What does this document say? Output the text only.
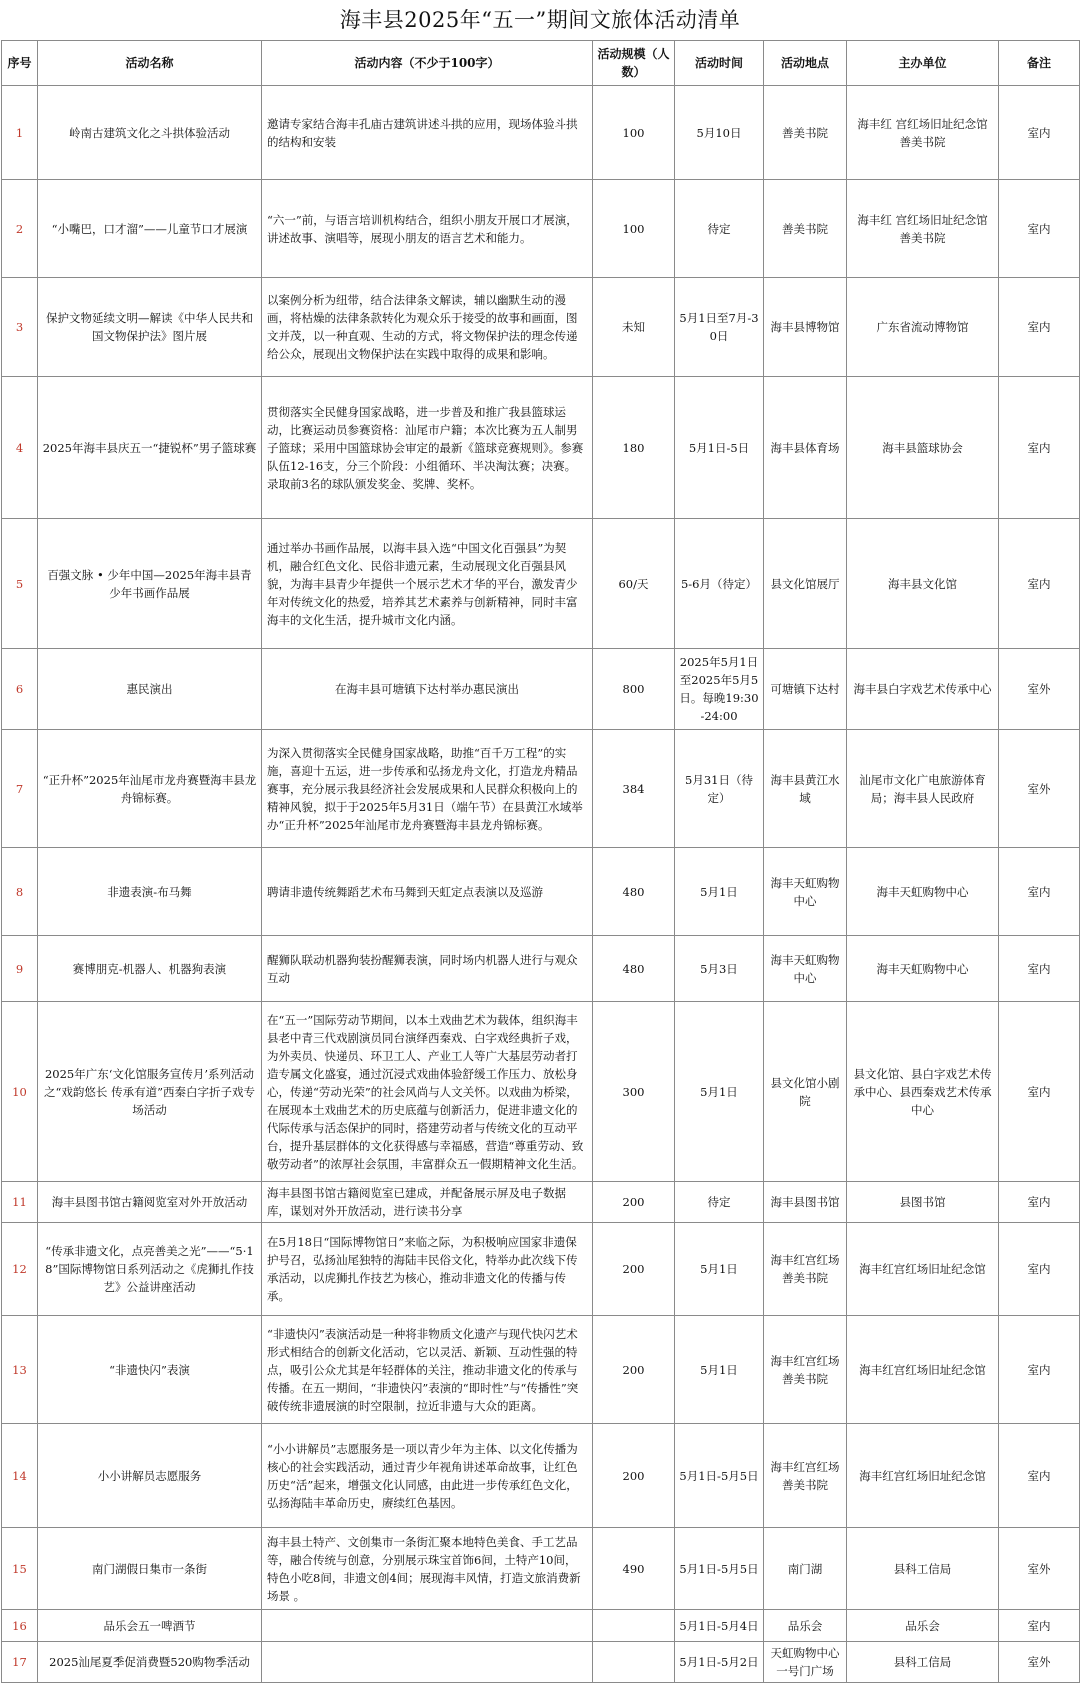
海丰县2025年“五一”期间文旅体活动清单
序号	活动名称	活动内容（不少于100字）	活动规模（人数）	活动时间	活动地点	主办单位	备注
1	岭南古建筑文化之斗拱体验活动	邀请专家结合海丰孔庙古建筑讲述斗拱的应用，现场体验斗拱的结构和安装	100	5月10日	善美书院	海丰红 宫红场旧址纪念馆 善美书院	室内
2	“小嘴巴，口才溜”——儿童节口才展演	“六一”前，与语言培训机构结合，组织小朋友开展口才展演，讲述故事、演唱等，展现小朋友的语言艺术和能力。	100	待定	善美书院	海丰红 宫红场旧址纪念馆 善美书院	室内
3	保护文物延续文明—解读《中华人民共和国文物保护法》图片展	以案例分析为纽带，结合法律条文解读，辅以幽默生动的漫画，将枯燥的法律条款转化为观众乐于接受的故事和画面，图文并茂，以一种直观、生动的方式，将文物保护法的理念传递给公众，展现出文物保护法在实践中取得的成果和影响。	未知	5月1日至7月-30日	海丰县博物馆	广东省流动博物馆	室内
4	2025年海丰县庆五一“捷锐杯”男子篮球赛	贯彻落实全民健身国家战略，进一步普及和推广我县篮球运动，比赛运动员参赛资格：汕尾市户籍；本次比赛为五人制男子篮球；采用中国篮球协会审定的最新《篮球竞赛规则》。参赛队伍12-16支，分三个阶段：小组循环、半决淘汰赛；决赛。录取前3名的球队颁发奖金、奖牌、奖杯。	180	5月1日-5日	海丰县体育场	海丰县篮球协会	室内
5	百强文脉 • 少年中国—2025年海丰县青少年书画作品展	通过举办书画作品展，以海丰县入选“中国文化百强县”为契机，融合红色文化、民俗非遗元素，生动展现文化百强县风貌，为海丰县青少年提供一个展示艺术才华的平台，激发青少年对传统文化的热爱，培养其艺术素养与创新精神，同时丰富海丰的文化生活，提升城市文化内涵。	60/天	5-6月（待定）	县文化馆展厅	海丰县文化馆	室内
6	惠民演出	在海丰县可塘镇下达村举办惠民演出	800	2025年5月1日至2025年5月5日。每晚19:30-24:00	可塘镇下达村	海丰县白字戏艺术传承中心	室外
7	“正升杯”2025年汕尾市龙舟赛暨海丰县龙舟锦标赛。	为深入贯彻落实全民健身国家战略，助推“百千万工程”的实施，喜迎十五运，进一步传承和弘扬龙舟文化，打造龙舟精品赛事，充分展示我县经济社会发展成果和人民群众积极向上的精神风貌，拟于于2025年5月31日（端午节）在县黄江水域举办“正升杯”2025年汕尾市龙舟赛暨海丰县龙舟锦标赛。	384	5月31日（待定）	海丰县黄江水域	汕尾市文化广电旅游体育局；海丰县人民政府	室外
8	非遗表演-布马舞	聘请非遗传统舞蹈艺术布马舞到天虹定点表演以及巡游	480	5月1日	海丰天虹购物中心	海丰天虹购物中心	室内
9	赛博朋克-机器人、机器狗表演	醒狮队联动机器狗装扮醒狮表演，同时场内机器人进行与观众互动	480	5月3日	海丰天虹购物中心	海丰天虹购物中心	室内
10	2025年广东‘文化馆服务宣传月’系列活动之“戏韵悠长 传承有道”西秦白字折子戏专场活动	在“五一”国际劳动节期间，以本土戏曲艺术为载体，组织海丰县老中青三代戏剧演员同台演绎西秦戏、白字戏经典折子戏，为外卖员、快递员、环卫工人、产业工人等广大基层劳动者打造专属文化盛宴，通过沉浸式戏曲体验舒缓工作压力、放松身心，传递“劳动光荣”的社会风尚与人文关怀。以戏曲为桥梁，在展现本土戏曲艺术的历史底蕴与创新活力，促进非遗文化的代际传承与活态保护的同时，搭建劳动者与传统文化的互动平台，提升基层群体的文化获得感与幸福感，营造“尊重劳动、致敬劳动者”的浓厚社会氛围，丰富群众五一假期精神文化生活。	300	5月1日	县文化馆小剧院	县文化馆、县白字戏艺术传承中心、县西秦戏艺术传承中心	室内
11	海丰县图书馆古籍阅览室对外开放活动	海丰县图书馆古籍阅览室已建成，并配备展示屏及电子数据库，谋划对外开放活动，进行读书分享	200	待定	海丰县图书馆	县图书馆	室内
12	“传承非遗文化，点亮善美之光”——“5·18”国际博物馆日系列活动之《虎狮扎作技艺》公益讲座活动	在5月18日“国际博物馆日”来临之际，为积极响应国家非遗保护号召，弘扬汕尾独特的海陆丰民俗文化，特举办此次线下传承活动，以虎狮扎作技艺为核心，推动非遗文化的传播与传承。	200	5月1日	海丰红宫红场善美书院	海丰红宫红场旧址纪念馆	室内
13	“非遗快闪”表演	“非遗快闪”表演活动是一种将非物质文化遗产与现代快闪艺术形式相结合的创新文化活动，它以灵活、新颖、互动性强的特点，吸引公众尤其是年轻群体的关注，推动非遗文化的传承与传播。在五一期间，“非遗快闪”表演的“即时性”与“传播性”突破传统非遗展演的时空限制，拉近非遗与大众的距离。	200	5月1日	海丰红宫红场善美书院	海丰红宫红场旧址纪念馆	室内
14	小小讲解员志愿服务	“小小讲解员”志愿服务是一项以青少年为主体、以文化传播为核心的社会实践活动，通过青少年视角讲述革命故事，让红色历史“活”起来，增强文化认同感，由此进一步传承红色文化，弘扬海陆丰革命历史，赓续红色基因。	200	5月1日-5月5日	海丰红宫红场善美书院	海丰红宫红场旧址纪念馆	室内
15	南门湖假日集市一条街	海丰县土特产、文创集市一条街汇聚本地特色美食、手工艺品等，融合传统与创意，分别展示珠宝首饰6间，土特产10间，特色小吃8间，非遗文创4间；展现海丰风情，打造文旅消费新场景 。	490	5月1日-5月5日	南门湖	县科工信局	室外
16	品乐会五一啤酒节			5月1日-5月4日	品乐会	品乐会	室内
17	2025汕尾夏季促消费暨520购物季活动			5月1日-5月2日	天虹购物中心一号门广场	县科工信局	室外
